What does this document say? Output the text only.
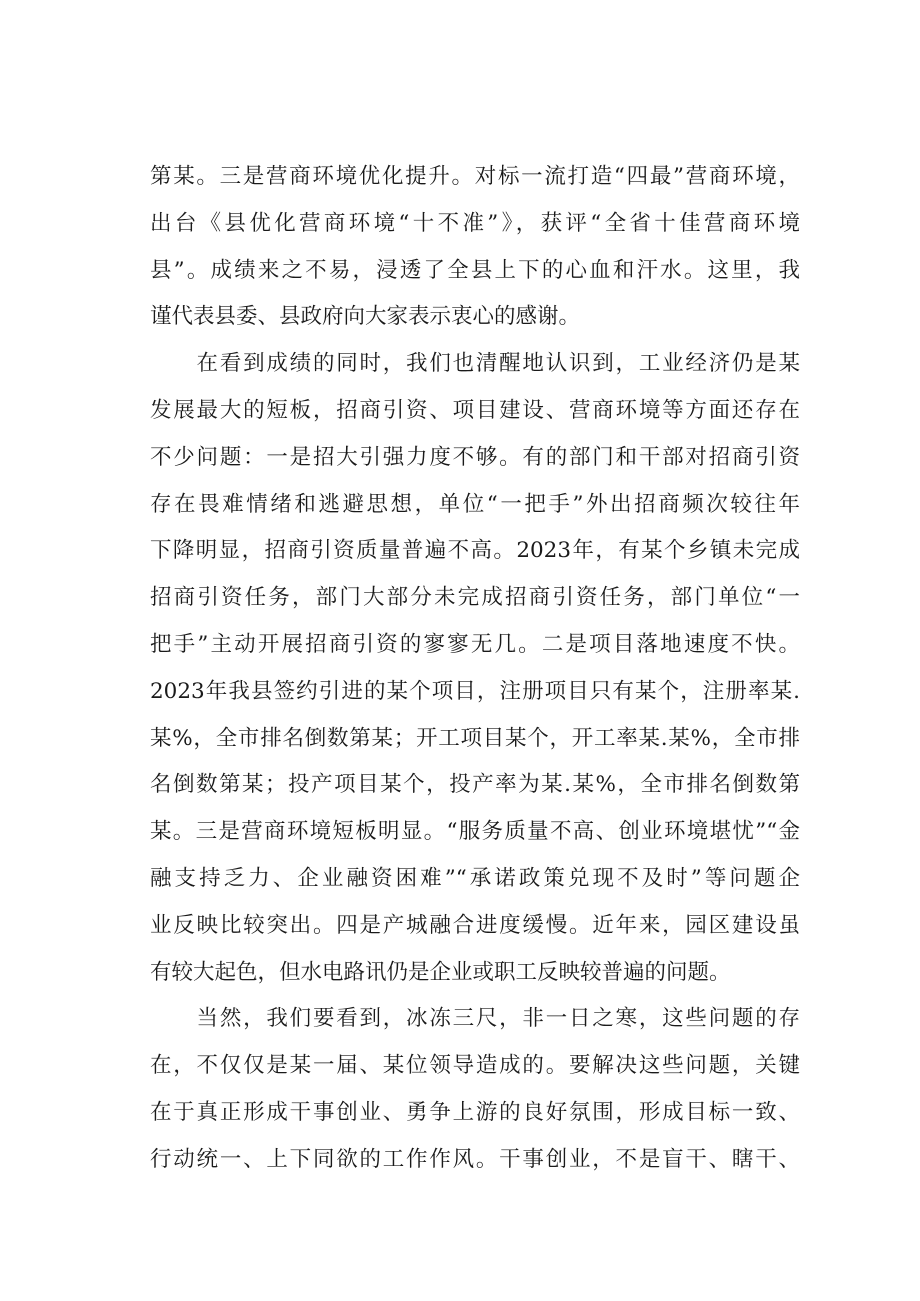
第某。三是营商环境优化提升。对标一流打造“四最”营商环境，
出台《县优化营商环境“十不准”》，获评“全省十佳营商环境
县”。成绩来之不易，浸透了全县上下的心血和汗水。这里，我
谨代表县委、县政府向大家表示衷心的感谢。
　　在看到成绩的同时，我们也清醒地认识到，工业经济仍是某
发展最大的短板，招商引资、项目建设、营商环境等方面还存在
不少问题：一是招大引强力度不够。有的部门和干部对招商引资
存在畏难情绪和逃避思想，单位“一把手”外出招商频次较往年
下降明显，招商引资质量普遍不高。2023年，有某个乡镇未完成
招商引资任务，部门大部分未完成招商引资任务，部门单位“一
把手”主动开展招商引资的寥寥无几。二是项目落地速度不快。
2023年我县签约引进的某个项目，注册项目只有某个，注册率某.
某%，全市排名倒数第某；开工项目某个，开工率某.某%，全市排
名倒数第某；投产项目某个，投产率为某.某%，全市排名倒数第
某。三是营商环境短板明显。“服务质量不高、创业环境堪忧”“金
融支持乏力、企业融资困难”“承诺政策兑现不及时”等问题企
业反映比较突出。四是产城融合进度缓慢。近年来，园区建设虽
有较大起色，但水电路讯仍是企业或职工反映较普遍的问题。
　　当然，我们要看到，冰冻三尺，非一日之寒，这些问题的存
在，不仅仅是某一届、某位领导造成的。要解决这些问题，关键
在于真正形成干事创业、勇争上游的良好氛围，形成目标一致、
行动统一、上下同欲的工作作风。干事创业，不是盲干、瞎干、
